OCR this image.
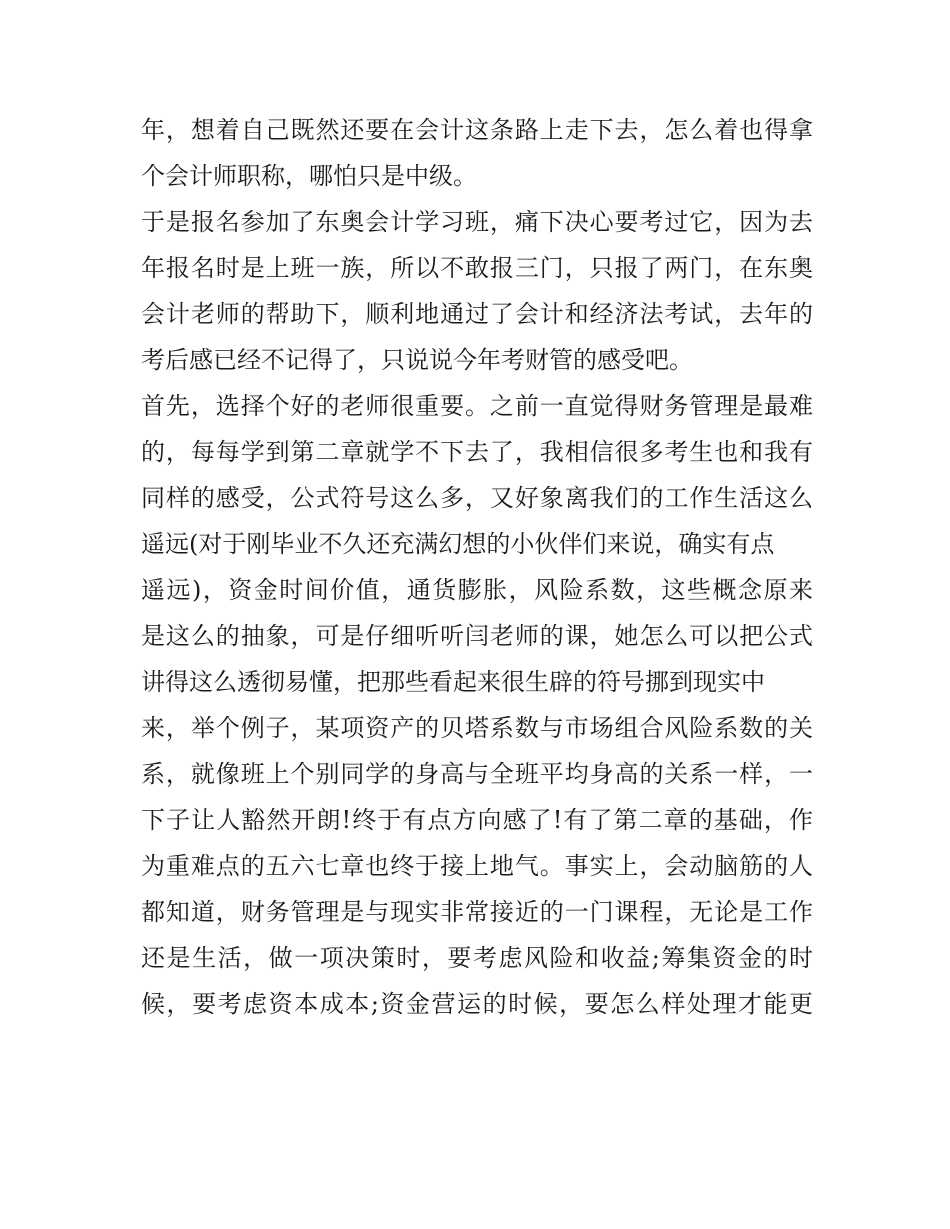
年，想着自己既然还要在会计这条路上走下去，怎么着也得拿
个会计师职称，哪怕只是中级。
于是报名参加了东奥会计学习班，痛下决心要考过它，因为去
年报名时是上班一族，所以不敢报三门，只报了两门，在东奥
会计老师的帮助下，顺利地通过了会计和经济法考试，去年的
考后感已经不记得了，只说说今年考财管的感受吧。
首先，选择个好的老师很重要。之前一直觉得财务管理是最难
的，每每学到第二章就学不下去了，我相信很多考生也和我有
同样的感受，公式符号这么多，又好象离我们的工作生活这么
遥远(对于刚毕业不久还充满幻想的小伙伴们来说，确实有点
遥远)，资金时间价值，通货膨胀，风险系数，这些概念原来
是这么的抽象，可是仔细听听闫老师的课，她怎么可以把公式
讲得这么透彻易懂，把那些看起来很生辟的符号挪到现实中
来，举个例子，某项资产的贝塔系数与市场组合风险系数的关
系，就像班上个别同学的身高与全班平均身高的关系一样，一
下子让人豁然开朗!终于有点方向感了!有了第二章的基础，作
为重难点的五六七章也终于接上地气。事实上，会动脑筋的人
都知道，财务管理是与现实非常接近的一门课程，无论是工作
还是生活，做一项决策时，要考虑风险和收益;筹集资金的时
候，要考虑资本成本;资金营运的时候，要怎么样处理才能更
